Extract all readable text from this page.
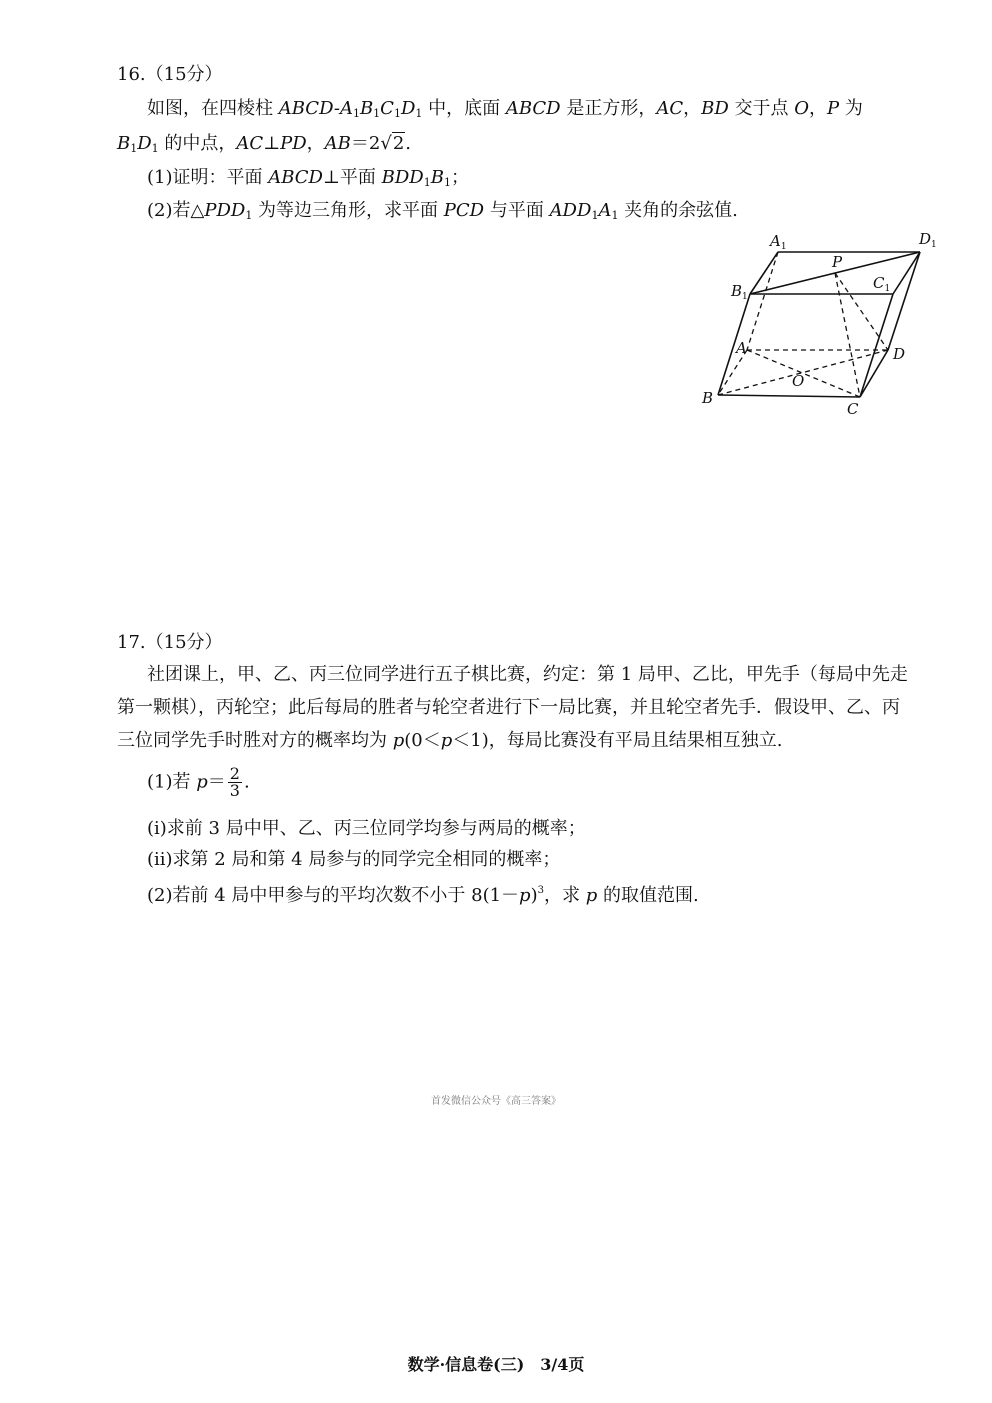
16.（15分）
如图，在四棱柱 ABCD-$A_1B_1C_1D_1$ 中，底面 ABCD 是正方形，AC，BD 交于点 O，P 为
$B_1D_1$ 的中点，AC⊥PD，AB＝2√2.
(1)证明：平面 ABCD⊥平面 $BDD_1B_1$；
(2)若$\triangle PDD_1$ 为等边三角形，求平面 PCD 与平面 $ADD_1A_1$ 夹角的余弦值.
$A_1$	$D_1$
P
$B_1$
$C_1$
A	D
O
B
C
17.（15分）
社团课上，甲、乙、丙三位同学进行五子棋比赛，约定：第 1 局甲、乙比，甲先手（每局中先走
第一颗棋），丙轮空；此后每局的胜者与轮空者进行下一局比赛，并且轮空者先手．假设甲、乙、丙
三位同学先手时胜对方的概率均为 p(0＜p＜1)，每局比赛没有平局且结果相互独立.
(1)若 $p= \frac{2}{3}$ .
(ⅰ)求前 3 局中甲、乙、丙三位同学均参与两局的概率；
(ⅱ)求第 2 局和第 4 局参与的同学完全相同的概率；
(2)若前 4 局中甲参与的平均次数不小于 $8(1-p)^3$，求 p 的取值范围.
首发微信公众号《高三答案》
数学·信息卷(三)　3/4页
